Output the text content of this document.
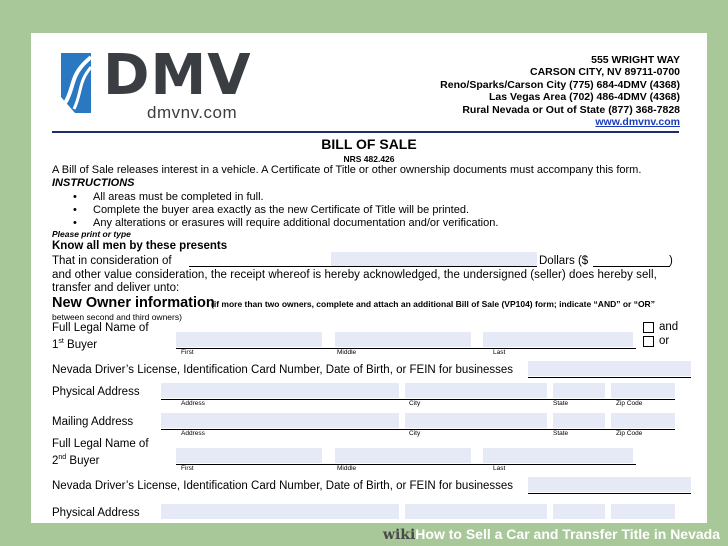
DMV
dmvnv.com
555 WRIGHT WAY
CARSON CITY, NV 89711-0700
Reno/Sparks/Carson City (775) 684-4DMV (4368)
Las Vegas Area (702) 486-4DMV (4368)
Rural Nevada or Out of State (877) 368-7828
www.dmvnv.com
BILL OF SALE
NRS 482.426
A Bill of Sale releases interest in a vehicle. A Certificate of Title or other ownership documents must accompany this form.
INSTRUCTIONS
• All areas must be completed in full.
• Complete the buyer area exactly as the new Certificate of Title will be printed.
• Any alterations or erasures will require additional documentation and/or verification.
Please print or type
Know all men by these presents
That in consideration of	Dollars ($	)
and other value consideration, the receipt whereof is hereby acknowledged, the undersigned (seller) does hereby sell,
transfer and deliver unto:
New Owner information
(if more than two owners, complete and attach an additional Bill of Sale (VP104) form; indicate “AND” or “OR”
between second and third owners)
Full Legal Name of
1st Buyer
First	Middle	Last
and
or
Nevada Driver’s License, Identification Card Number, Date of Birth, or FEIN for businesses
Physical Address
Address	City	State	Zip Code
Mailing Address
Address	City	State	Zip Code
Full Legal Name of
2nd Buyer
First	Middle	Last
Nevada Driver’s License, Identification Card Number, Date of Birth, or FEIN for businesses
Physical Address
wikiHow to Sell a Car and Transfer Title in Nevada
